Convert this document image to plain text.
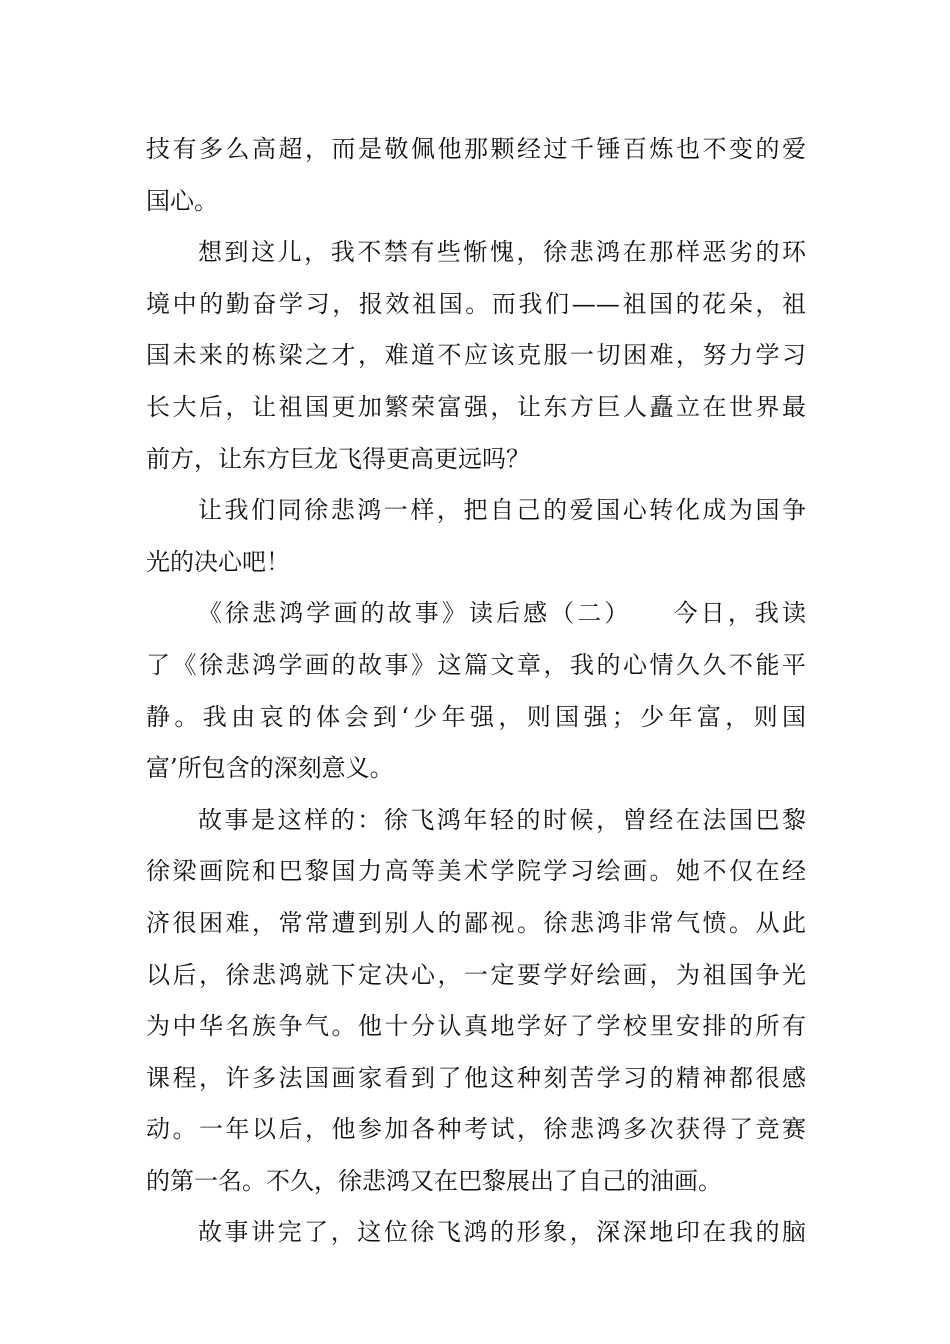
技有多么高超，而是敬佩他那颗经过千锤百炼也不变的爱
国心。
想到这儿，我不禁有些惭愧，徐悲鸿在那样恶劣的环
境中的勤奋学习，报效祖国。而我们——祖国的花朵，祖
国未来的栋梁之才，难道不应该克服一切困难，努力学习
长大后，让祖国更加繁荣富强，让东方巨人矗立在世界最
前方，让东方巨龙飞得更高更远吗？
让我们同徐悲鸿一样，把自己的爱国心转化成为国争
光的决心吧！
《徐悲鸿学画的故事》读后感（二）　　今日，我读
了《徐悲鸿学画的故事》这篇文章，我的心情久久不能平
静。我由哀的体会到‘少年强，则国强；少年富，则国
富’所包含的深刻意义。
故事是这样的：徐飞鸿年轻的时候，曾经在法国巴黎
徐梁画院和巴黎国力高等美术学院学习绘画。她不仅在经
济很困难，常常遭到别人的鄙视。徐悲鸿非常气愤。从此
以后，徐悲鸿就下定决心，一定要学好绘画，为祖国争光
为中华名族争气。他十分认真地学好了学校里安排的所有
课程，许多法国画家看到了他这种刻苦学习的精神都很感
动。一年以后，他参加各种考试，徐悲鸿多次获得了竞赛
的第一名。不久，徐悲鸿又在巴黎展出了自己的油画。
故事讲完了，这位徐飞鸿的形象，深深地印在我的脑
